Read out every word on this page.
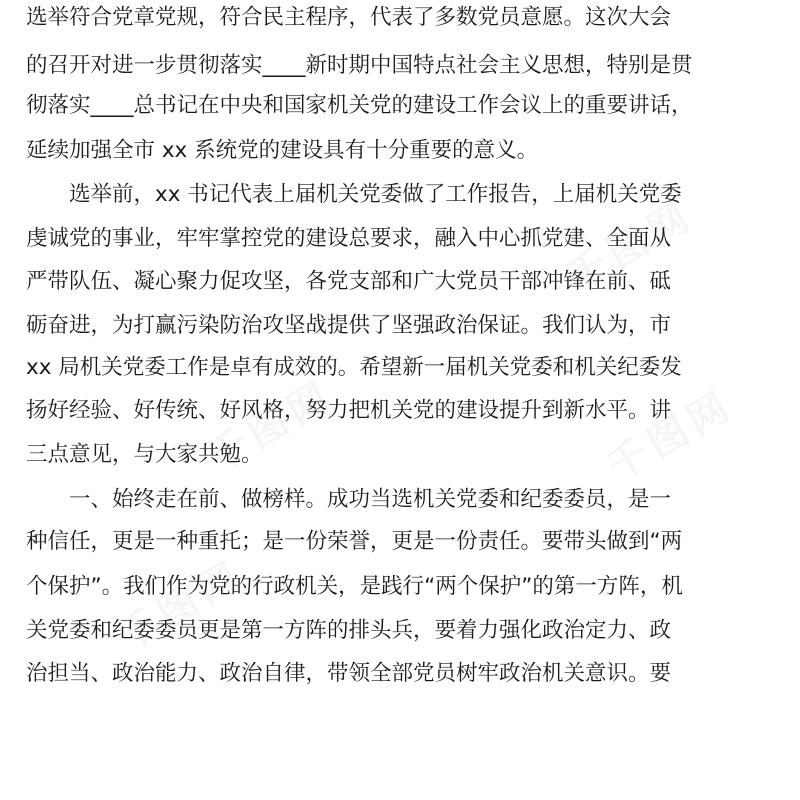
千图网
千图网
千图网
千图网
选举符合党章党规，符合民主程序，代表了多数党员意愿。这次大会
的召开对进一步贯彻落实____新时期中国特点社会主义思想，特别是贯
彻落实____总书记在中央和国家机关党的建设工作会议上的重要讲话，
延续加强全市 xx 系统党的建设具有十分重要的意义。
　　选举前，xx 书记代表上届机关党委做了工作报告，上届机关党委
虔诚党的事业，牢牢掌控党的建设总要求，融入中心抓党建、全面从
严带队伍、凝心聚力促攻坚，各党支部和广大党员干部冲锋在前、砥
砺奋进，为打赢污染防治攻坚战提供了坚强政治保证。我们认为，市
xx 局机关党委工作是卓有成效的。希望新一届机关党委和机关纪委发
扬好经验、好传统、好风格，努力把机关党的建设提升到新水平。讲
三点意见，与大家共勉。
　　一、始终走在前、做榜样。成功当选机关党委和纪委委员，是一
种信任，更是一种重托；是一份荣誉，更是一份责任。要带头做到“两
个保护”。我们作为党的行政机关，是践行“两个保护”的第一方阵，机
关党委和纪委委员更是第一方阵的排头兵，要着力强化政治定力、政
治担当、政治能力、政治自律，带领全部党员树牢政治机关意识。要
